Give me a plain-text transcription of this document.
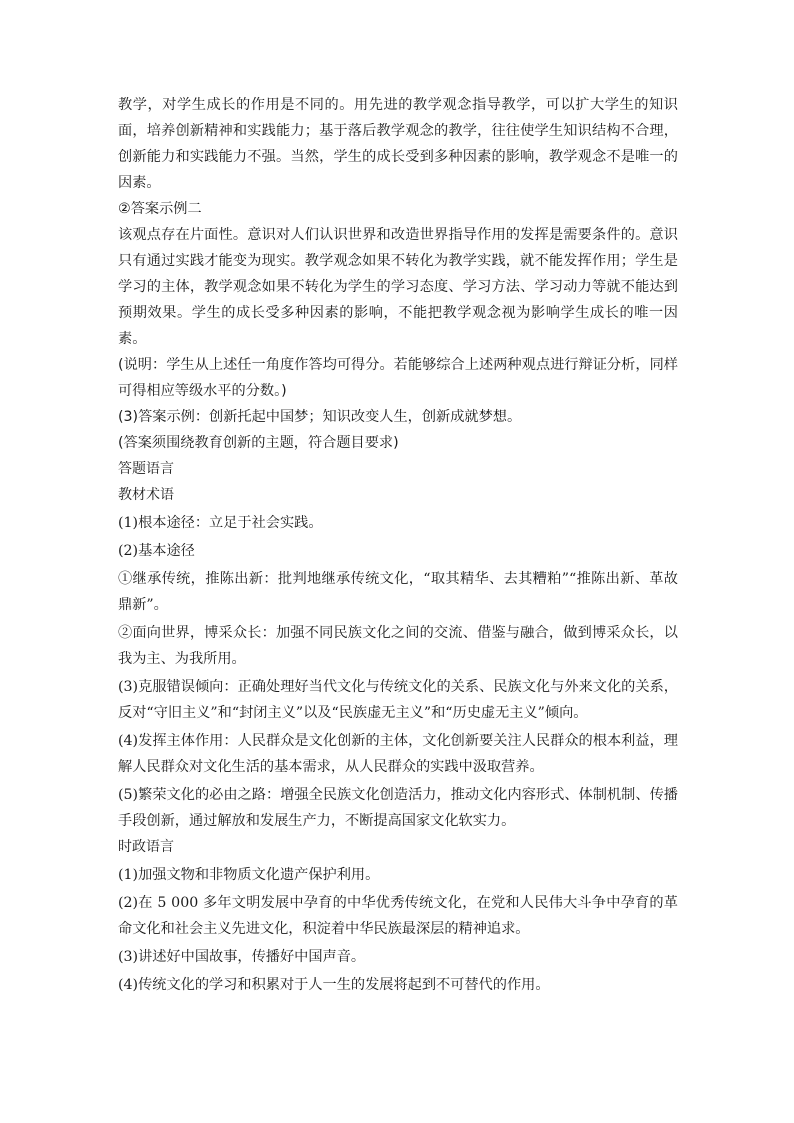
教学，对学生成长的作用是不同的。用先进的教学观念指导教学，可以扩大学生的知识面，培养创新精神和实践能力；基于落后教学观念的教学，往往使学生知识结构不合理，创新能力和实践能力不强。当然，学生的成长受到多种因素的影响，教学观念不是唯一的因素。

②答案示例二

该观点存在片面性。意识对人们认识世界和改造世界指导作用的发挥是需要条件的。意识只有通过实践才能变为现实。教学观念如果不转化为教学实践，就不能发挥作用；学生是学习的主体，教学观念如果不转化为学生的学习态度、学习方法、学习动力等就不能达到预期效果。学生的成长受多种因素的影响，不能把教学观念视为影响学生成长的唯一因素。

(说明：学生从上述任一角度作答均可得分。若能够综合上述两种观点进行辩证分析，同样可得相应等级水平的分数。)

(3)答案示例：创新托起中国梦；知识改变人生，创新成就梦想。

(答案须围绕教育创新的主题，符合题目要求)

答题语言

教材术语

(1)根本途径：立足于社会实践。

(2)基本途径

①继承传统，推陈出新：批判地继承传统文化，“取其精华、去其糟粕”“推陈出新、革故鼎新”。

②面向世界，博采众长：加强不同民族文化之间的交流、借鉴与融合，做到博采众长，以我为主、为我所用。

(3)克服错误倾向：正确处理好当代文化与传统文化的关系、民族文化与外来文化的关系，反对“守旧主义”和“封闭主义”以及“民族虚无主义”和“历史虚无主义”倾向。

(4)发挥主体作用：人民群众是文化创新的主体，文化创新要关注人民群众的根本利益，理解人民群众对文化生活的基本需求，从人民群众的实践中汲取营养。

(5)繁荣文化的必由之路：增强全民族文化创造活力，推动文化内容形式、体制机制、传播手段创新，通过解放和发展生产力，不断提高国家文化软实力。

时政语言

(1)加强文物和非物质文化遗产保护利用。

(2)在 5 000 多年文明发展中孕育的中华优秀传统文化，在党和人民伟大斗争中孕育的革命文化和社会主义先进文化，积淀着中华民族最深层的精神追求。

(3)讲述好中国故事，传播好中国声音。

(4)传统文化的学习和积累对于人一生的发展将起到不可替代的作用。
